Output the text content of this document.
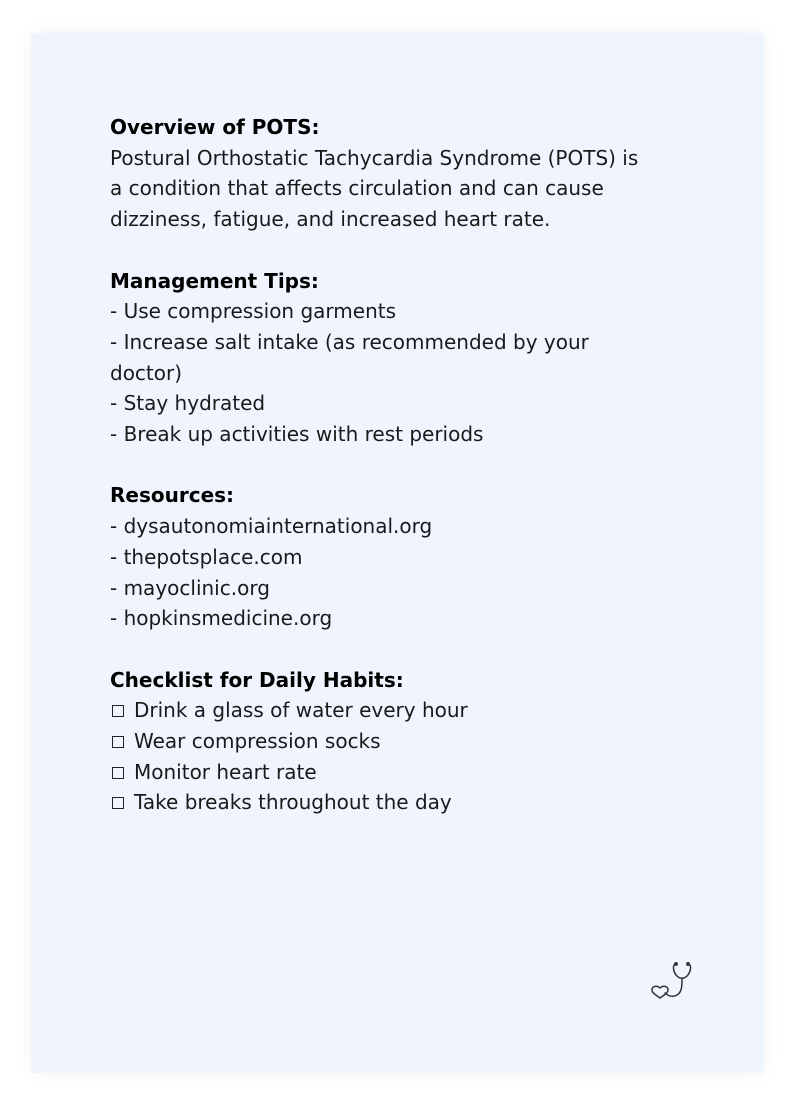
Overview of POTS:
Postural Orthostatic Tachycardia Syndrome (POTS) is
a condition that affects circulation and can cause
dizziness, fatigue, and increased heart rate.
Management Tips:
- Use compression garments
- Increase salt intake (as recommended by your
doctor)
- Stay hydrated
- Break up activities with rest periods
Resources:
- dysautonomiainternational.org
- thepotsplace.com
- mayoclinic.org
- hopkinsmedicine.org
Checklist for Daily Habits:
Drink a glass of water every hour
Wear compression socks
Monitor heart rate
Take breaks throughout the day
